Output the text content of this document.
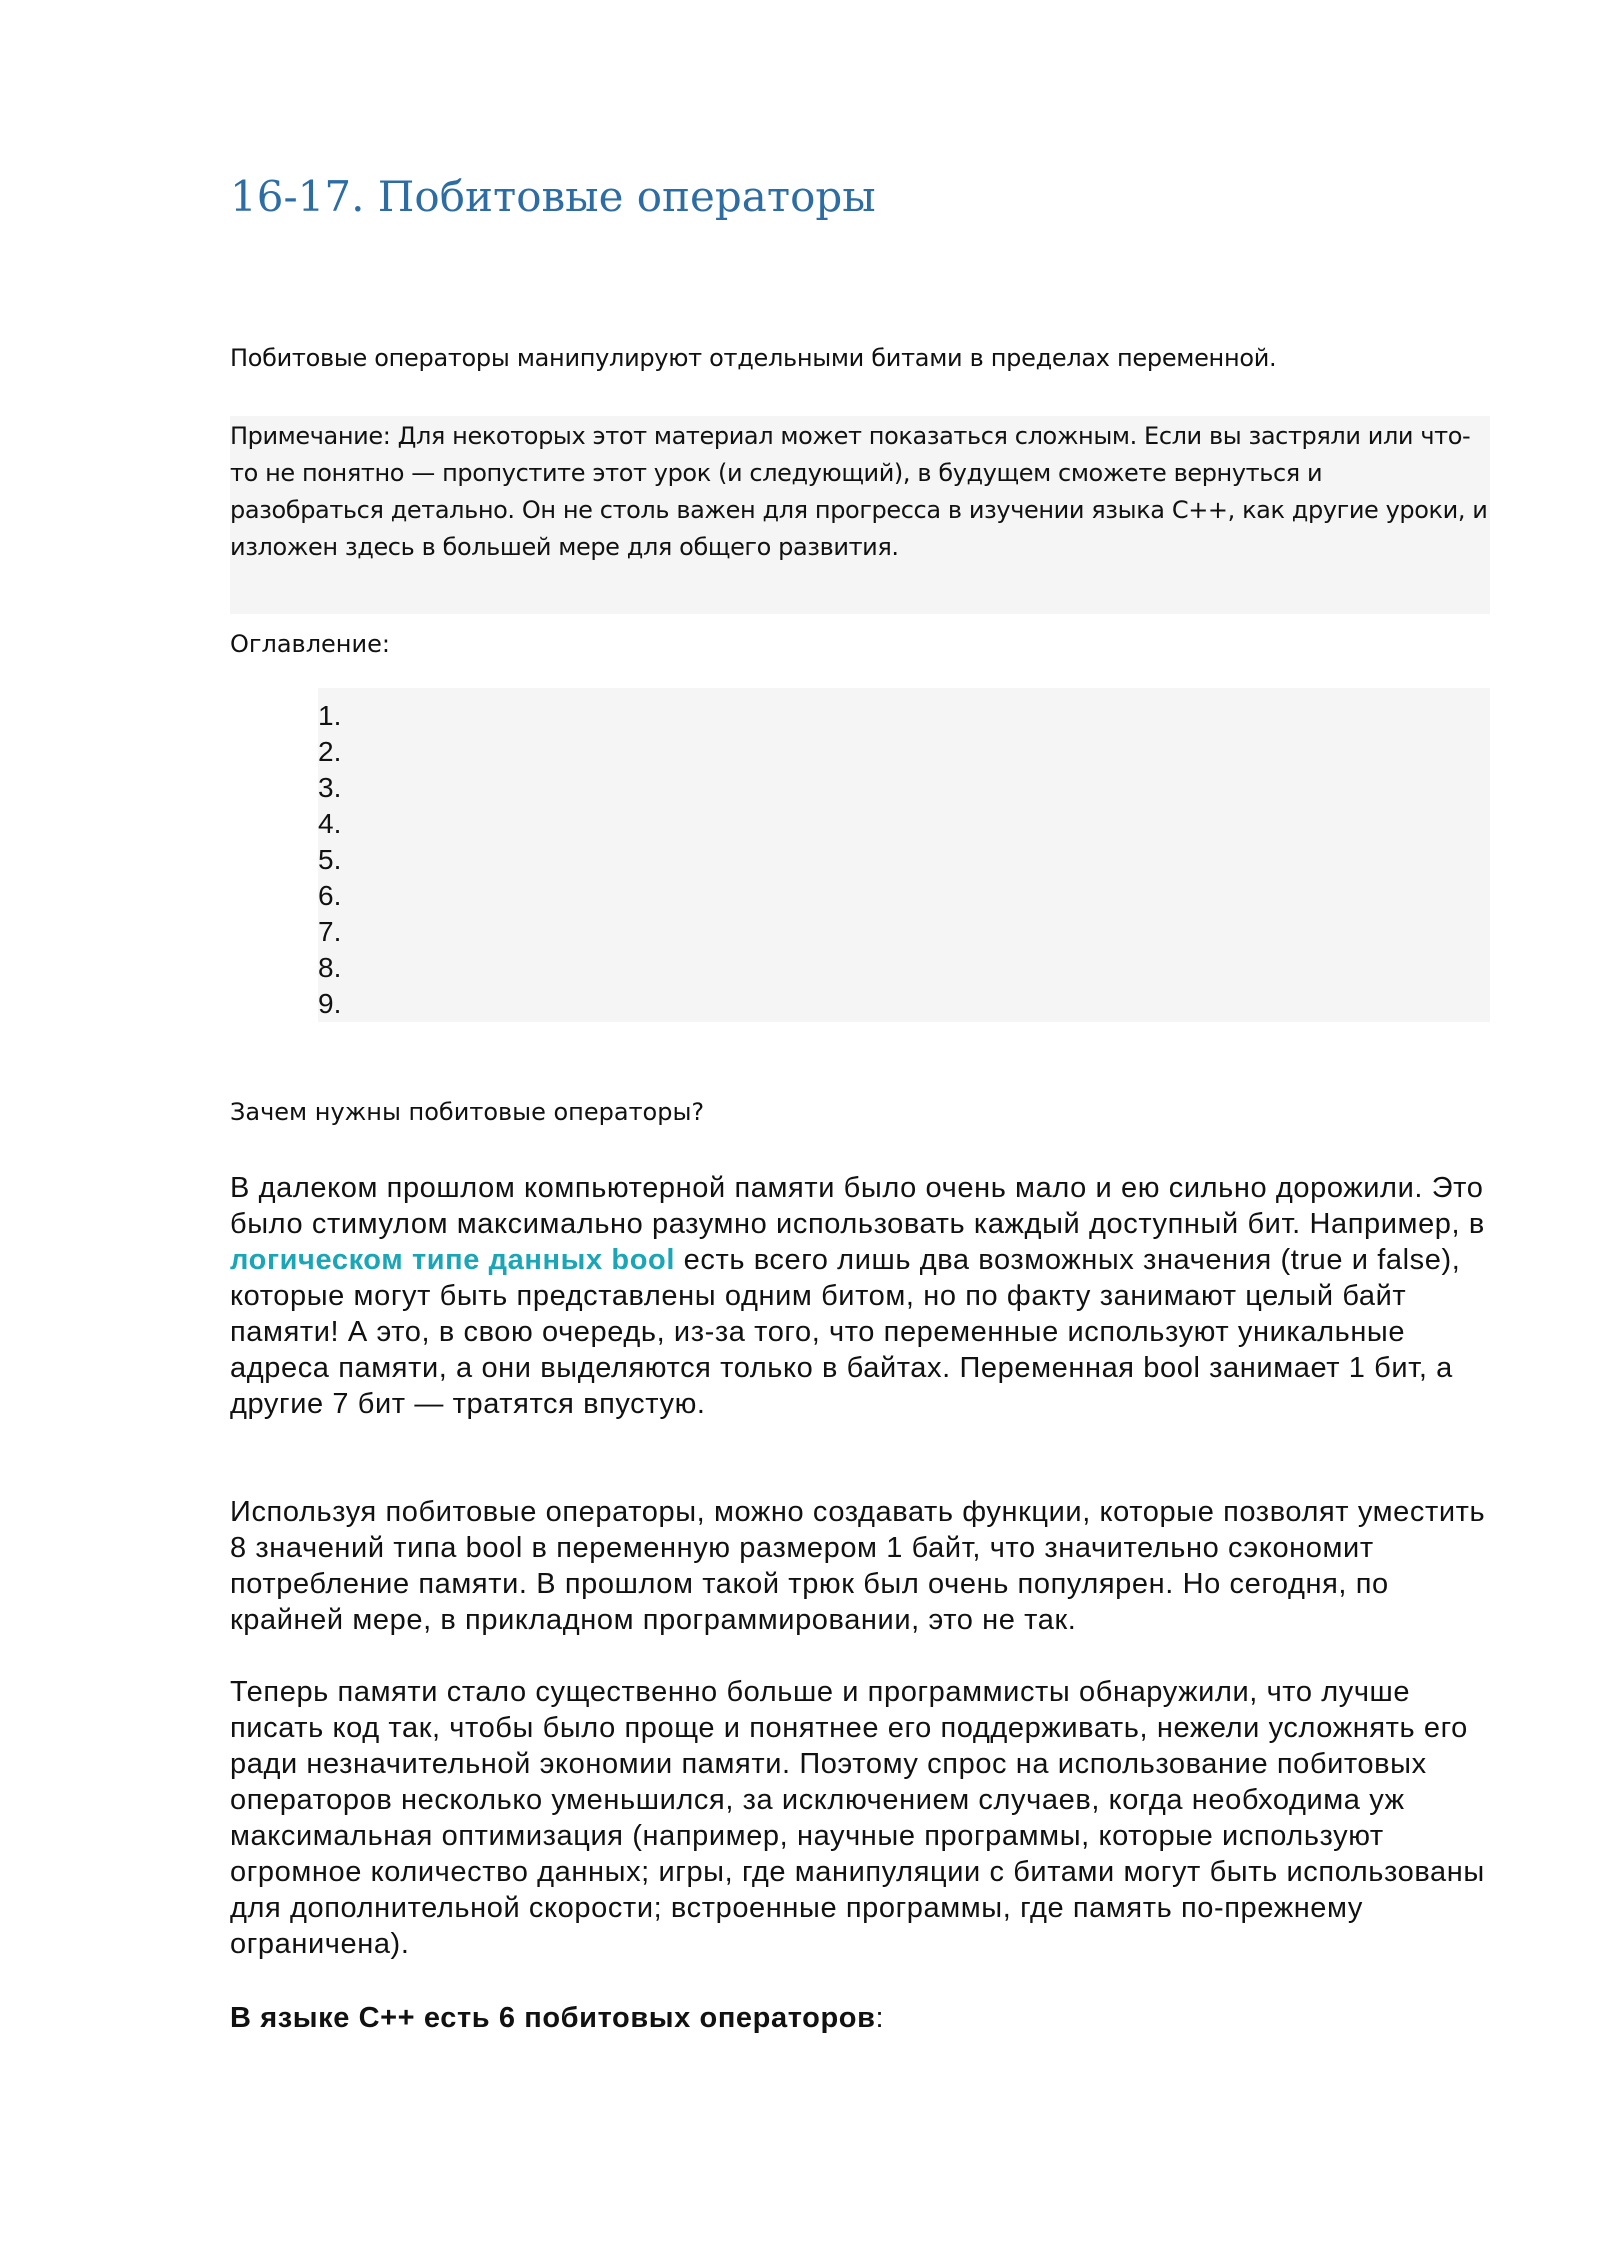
16-17. Побитовые операторы

Побитовые операторы манипулируют отдельными битами в пределах переменной.

Примечание: Для некоторых этот материал может показаться сложным. Если вы застряли или что-

то не понятно — пропустите этот урок (и следующий), в будущем сможете вернуться и

разобраться детально. Он не столь важен для прогресса в изучении языка C++, как другие уроки, и

изложен здесь в большей мере для общего развития.

Оглавление:

1.
2.
3.
4.
5.
6.
7.
8.
9.
Зачем нужны побитовые операторы?

В далеком прошлом компьютерной памяти было очень мало и ею сильно дорожили. Это было стимулом максимально разумно использовать каждый доступный бит. Например, в логическом типе данных bool есть всего лишь два возможных значения (true и false), которые могут быть представлены одним битом, но по факту занимают целый байт памяти! А это, в свою очередь, из-за того, что переменные используют уникальные адреса памяти, а они выделяются только в байтах. Переменная bool занимает 1 бит, а другие 7 бит — тратятся впустую.

Используя побитовые операторы, можно создавать функции, которые позволят уместить 8 значений типа bool в переменную размером 1 байт, что значительно сэкономит потребление памяти. В прошлом такой трюк был очень популярен. Но сегодня, по крайней мере, в прикладном программировании, это не так.

Теперь памяти стало существенно больше и программисты обнаружили, что лучше писать код так, чтобы было проще и понятнее его поддерживать, нежели усложнять его ради незначительной экономии памяти. Поэтому спрос на использование побитовых операторов несколько уменьшился, за исключением случаев, когда необходима уж максимальная оптимизация (например, научные программы, которые используют огромное количество данных; игры, где манипуляции с битами могут быть использованы для дополнительной скорости; встроенные программы, где память по-прежнему ограничена).

В языке C++ есть 6 побитовых операторов:
